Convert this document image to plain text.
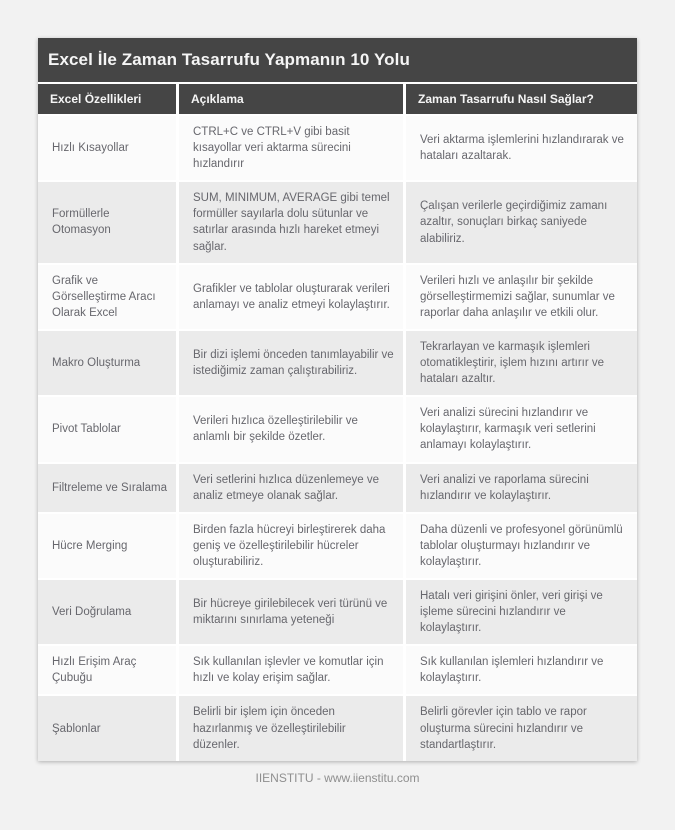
Excel İle Zaman Tasarrufu Yapmanın 10 Yolu
Excel Özellikleri	Açıklama	Zaman Tasarrufu Nasıl Sağlar?
Hızlı Kısayollar
CTRL+C ve CTRL+V gibi basit kısayollar veri aktarma sürecini hızlandırır
Veri aktarma işlemlerini hızlandırarak ve hataları azaltarak.
Formüllerle Otomasyon
SUM, MINIMUM, AVERAGE gibi temel formüller sayılarla dolu sütunlar ve satırlar arasında hızlı hareket etmeyi sağlar.
Çalışan verilerle geçirdiğimiz zamanı azaltır, sonuçları birkaç saniyede alabiliriz.
Grafik ve Görselleştirme Aracı Olarak Excel
Grafikler ve tablolar oluşturarak verileri anlamayı ve analiz etmeyi kolaylaştırır.
Verileri hızlı ve anlaşılır bir şekilde görselleştirmemizi sağlar, sunumlar ve raporlar daha anlaşılır ve etkili olur.
Makro Oluşturma
Bir dizi işlemi önceden tanımlayabilir ve istediğimiz zaman çalıştırabiliriz.
Tekrarlayan ve karmaşık işlemleri otomatikleştirir, işlem hızını artırır ve hataları azaltır.
Pivot Tablolar
Verileri hızlıca özelleştirilebilir ve anlamlı bir şekilde özetler.
Veri analizi sürecini hızlandırır ve kolaylaştırır, karmaşık veri setlerini anlamayı kolaylaştırır.
Filtreleme ve Sıralama
Veri setlerini hızlıca düzenlemeye ve analiz etmeye olanak sağlar.
Veri analizi ve raporlama sürecini hızlandırır ve kolaylaştırır.
Hücre Merging
Birden fazla hücreyi birleştirerek daha geniş ve özelleştirilebilir hücreler oluşturabiliriz.
Daha düzenli ve profesyonel görünümlü tablolar oluşturmayı hızlandırır ve kolaylaştırır.
Veri Doğrulama
Bir hücreye girilebilecek veri türünü ve miktarını sınırlama yeteneği
Hatalı veri girişini önler, veri girişi ve işleme sürecini hızlandırır ve kolaylaştırır.
Hızlı Erişim Araç Çubuğu
Sık kullanılan işlevler ve komutlar için hızlı ve kolay erişim sağlar.
Sık kullanılan işlemleri hızlandırır ve kolaylaştırır.
Şablonlar
Belirli bir işlem için önceden hazırlanmış ve özelleştirilebilir düzenler.
Belirli görevler için tablo ve rapor oluşturma sürecini hızlandırır ve standartlaştırır.
IIENSTITU - www.iienstitu.com
